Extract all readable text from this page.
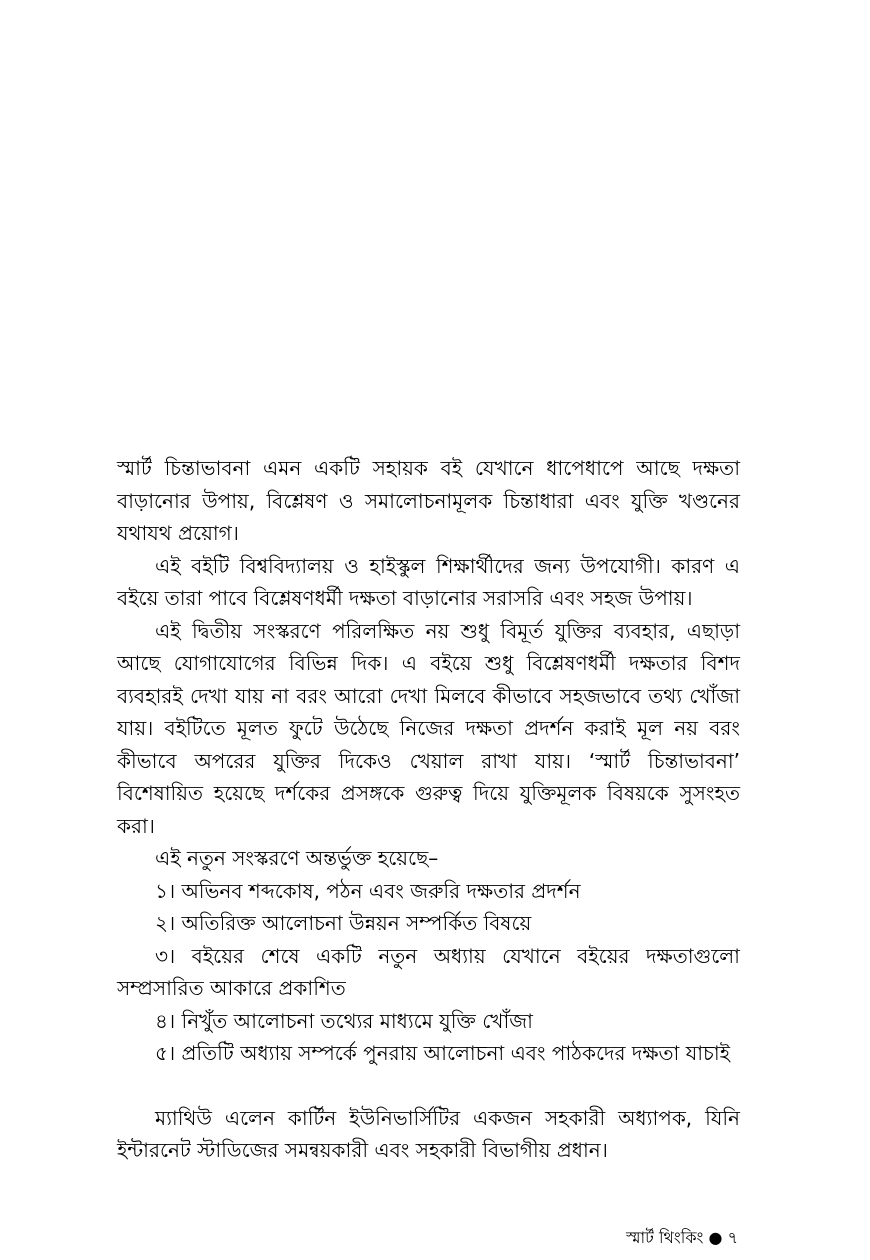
স্মার্ট চিন্তাভাবনা এমন একটি সহায়ক বই যেখানে ধাপেধাপে আছে দক্ষতা বাড়ানোর উপায়, বিশ্লেষণ ও সমালোচনামূলক চিন্তাধারা এবং যুক্তি খণ্ডনের যথাযথ প্রয়োগ।

এই বইটি বিশ্ববিদ্যালয় ও হাইস্কুল শিক্ষার্থীদের জন্য উপযোগী। কারণ এ বইয়ে তারা পাবে বিশ্লেষণধর্মী দক্ষতা বাড়ানোর সরাসরি এবং সহজ উপায়।

এই দ্বিতীয় সংস্করণে পরিলক্ষিত নয় শুধু বিমূর্ত যুক্তির ব্যবহার, এছাড়া আছে যোগাযোগের বিভিন্ন দিক। এ বইয়ে শুধু বিশ্লেষণধর্মী দক্ষতার বিশদ ব্যবহারই দেখা যায় না বরং আরো দেখা মিলবে কীভাবে সহজভাবে তথ্য খোঁজা যায়। বইটিতে মূলত ফুটে উঠেছে নিজের দক্ষতা প্রদর্শন করাই মূল নয় বরং কীভাবে অপরের যুক্তির দিকেও খেয়াল রাখা যায়। ‘স্মার্ট চিন্তাভাবনা’ বিশেষায়িত হয়েছে দর্শকের প্রসঙ্গকে গুরুত্ব দিয়ে যুক্তিমূলক বিষয়কে সুসংহত করা।

এই নতুন সংস্করণে অন্তর্ভুক্ত হয়েছে–

১। অভিনব শব্দকোষ, পঠন এবং জরুরি দক্ষতার প্রদর্শন

২। অতিরিক্ত আলোচনা উন্নয়ন সম্পর্কিত বিষয়ে

৩। বইয়ের শেষে একটি নতুন অধ্যায় যেখানে বইয়ের দক্ষতাগুলো সম্প্রসারিত আকারে প্রকাশিত

৪। নিখুঁত আলোচনা তথ্যের মাধ্যমে যুক্তি খোঁজা

৫। প্রতিটি অধ্যায় সম্পর্কে পুনরায় আলোচনা এবং পাঠকদের দক্ষতা যাচাই

ম্যাথিউ এলেন কার্টিন ইউনিভার্সিটির একজন সহকারী অধ্যাপক, যিনি ইন্টারনেট স্টাডিজের সমন্বয়কারী এবং সহকারী বিভাগীয় প্রধান।

স্মার্ট থিংকিং ● ৭
